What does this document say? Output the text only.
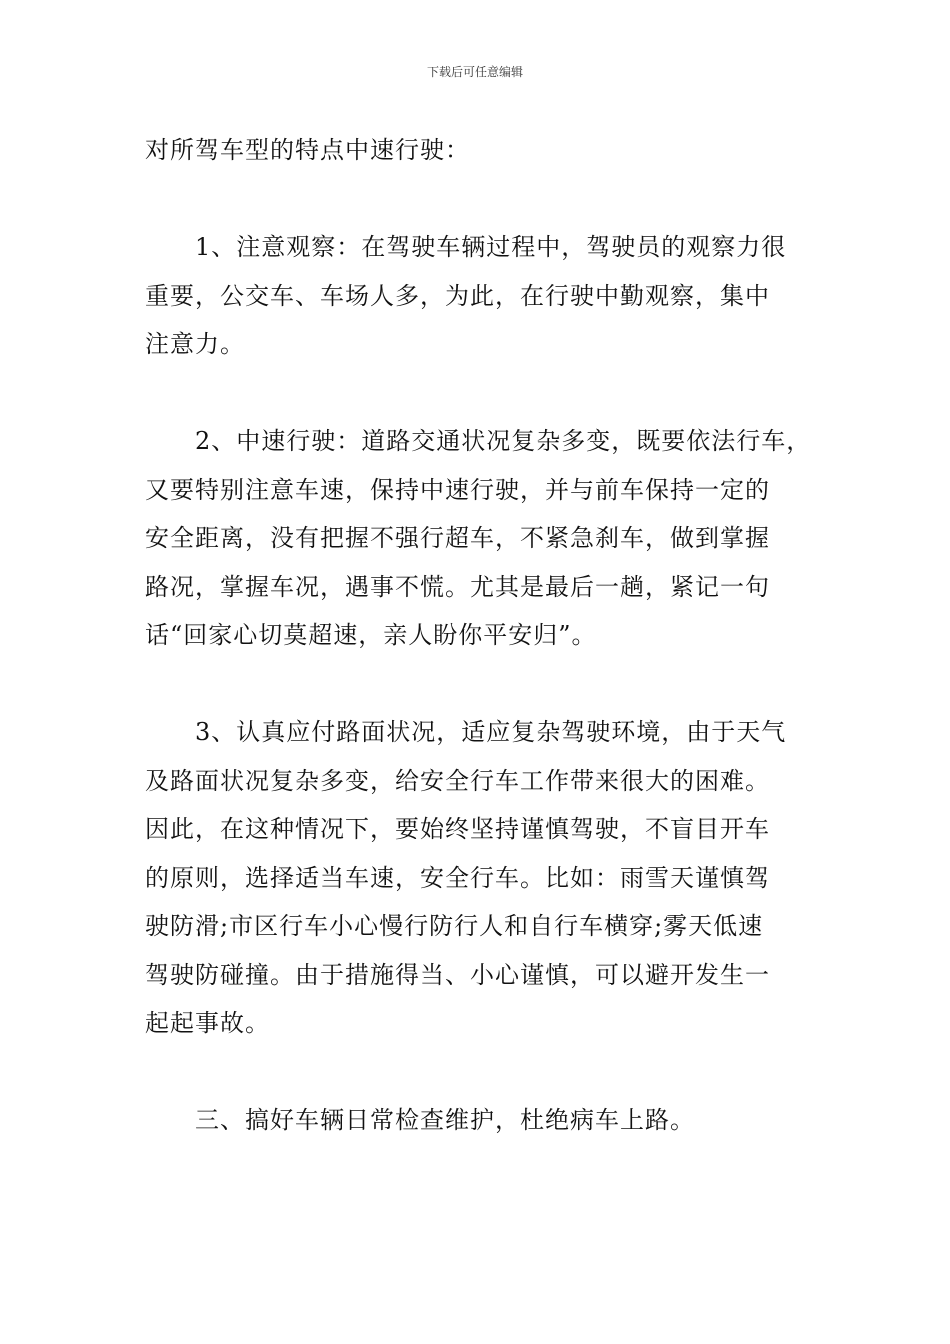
下载后可任意编辑

对所驾车型的特点中速行驶：

1、注意观察：在驾驶车辆过程中，驾驶员的观察力很
重要，公交车、车场人多，为此，在行驶中勤观察，集中
注意力。

2、中速行驶：道路交通状况复杂多变，既要依法行车，
又要特别注意车速，保持中速行驶，并与前车保持一定的
安全距离，没有把握不强行超车，不紧急刹车，做到掌握
路况，掌握车况，遇事不慌。尤其是最后一趟，紧记一句
话“回家心切莫超速，亲人盼你平安归”。

3、认真应付路面状况，适应复杂驾驶环境，由于天气
及路面状况复杂多变，给安全行车工作带来很大的困难。
因此，在这种情况下，要始终坚持谨慎驾驶，不盲目开车
的原则，选择适当车速，安全行车。比如：雨雪天谨慎驾
驶防滑;市区行车小心慢行防行人和自行车横穿;雾天低速
驾驶防碰撞。由于措施得当、小心谨慎，可以避开发生一
起起事故。

三、搞好车辆日常检查维护，杜绝病车上路。
